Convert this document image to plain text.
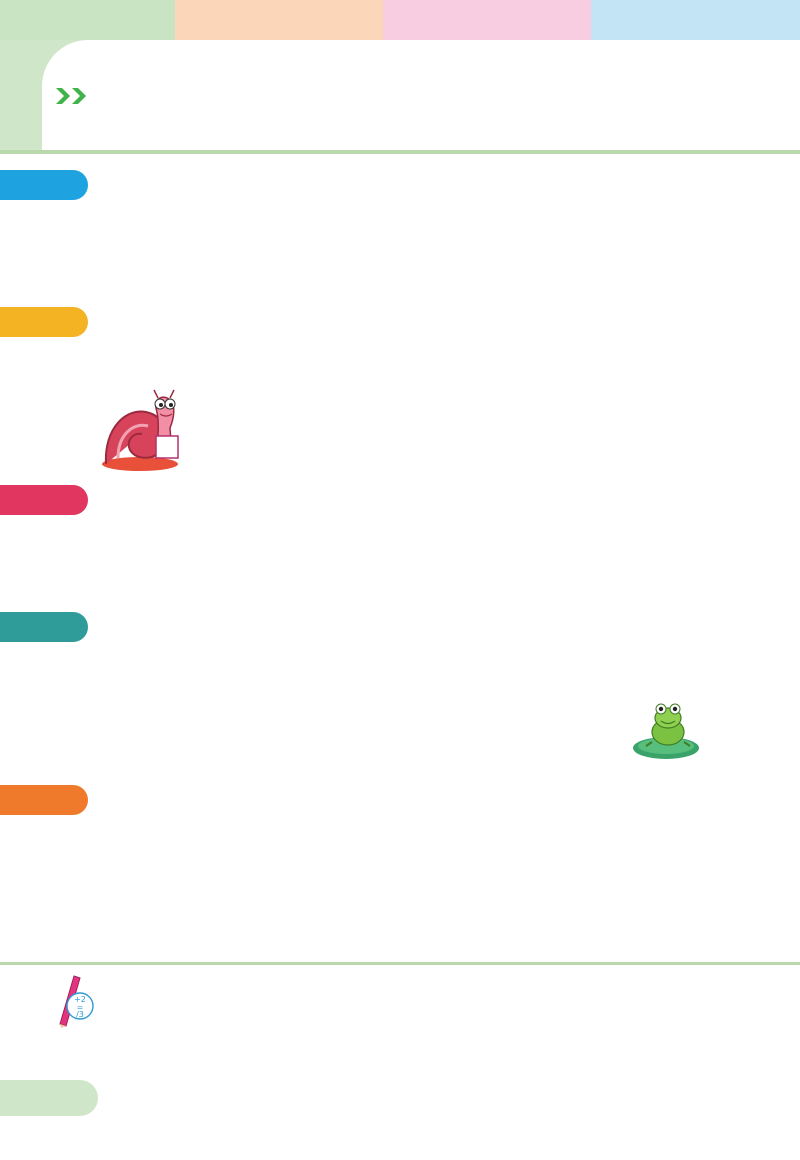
+2
=
/3
